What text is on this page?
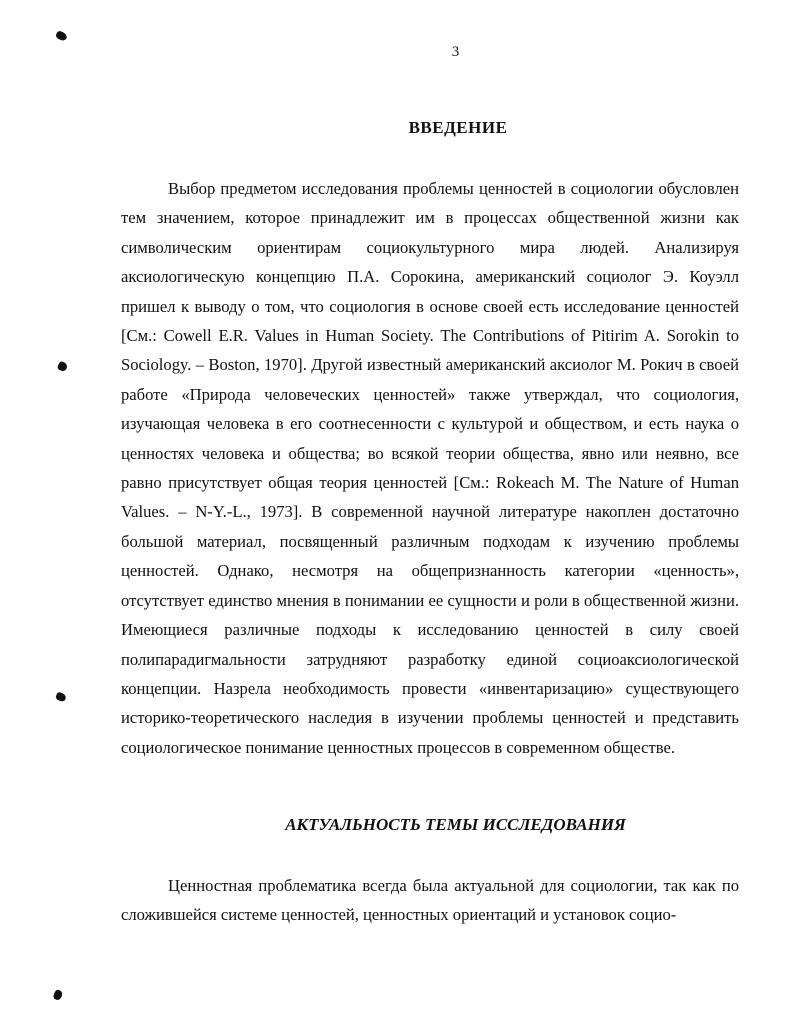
3
ВВЕДЕНИЕ

Выбор предметом исследования проблемы ценностей в социологии обусловлен тем значением, которое принадлежит им в процессах общественной жизни как символическим ориентирам социокультурного мира людей. Анализируя аксиологическую концепцию П.А. Сорокина, американский социолог Э. Коуэлл пришел к выводу о том, что социология в основе своей есть исследование ценностей [См.: Cowell E.R. Values in Human Society. The Contributions of Pitirim A. Sorokin to Sociology. – Boston, 1970]. Другой известный американский аксиолог М. Рокич в своей работе «Природа человеческих ценностей» также утверждал, что социология, изучающая человека в его соотнесенности с культурой и обществом, и есть наука о ценностях человека и общества; во всякой теории общества, явно или неявно, все равно присутствует общая теория ценностей [См.: Rokeach M. The Nature of Human Values. – N-Y.-L., 1973]. В современной научной литературе накоплен достаточно большой материал, посвященный различным подходам к изучению проблемы ценностей. Однако, несмотря на общепризнанность категории «ценность», отсутствует единство мнения в понимании ее сущности и роли в общественной жизни. Имеющиеся различные подходы к исследованию ценностей в силу своей полипарадигмальности затрудняют разработку единой социоаксиологической концепции. Назрела необходимость провести «инвентаризацию» существующего историко-теоретического наследия в изучении проблемы ценностей и представить социологическое понимание ценностных процессов в современном обществе.

АКТУАЛЬНОСТЬ ТЕМЫ ИССЛЕДОВАНИЯ

Ценностная проблематика всегда была актуальной для социологии, так как по сложившейся системе ценностей, ценностных ориентаций и установок социо-
